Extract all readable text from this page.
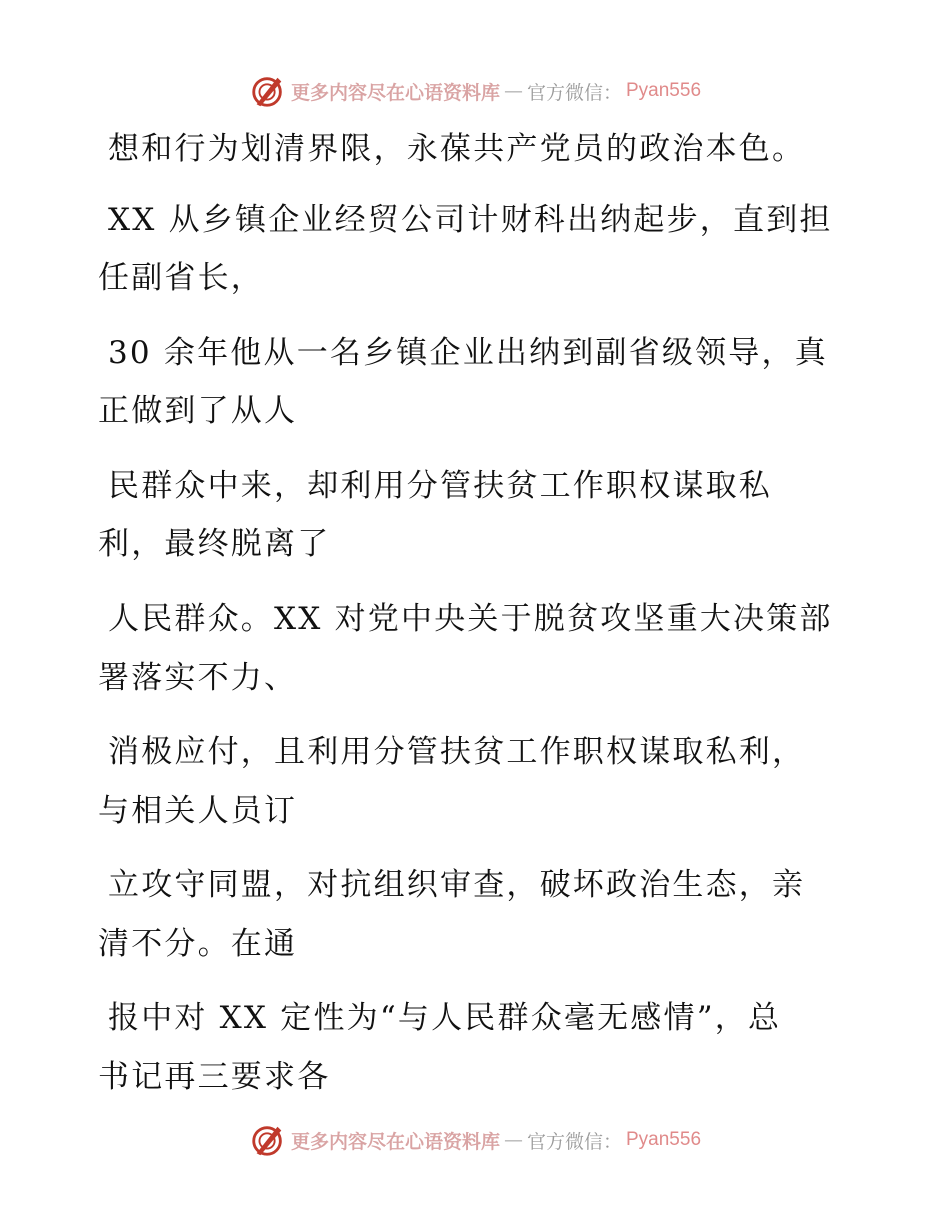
更多内容尽在心语资料库 — 官方微信： Pyan556
想和行为划清界限，永葆共产党员的政治本色。
XX 从乡镇企业经贸公司计财科出纳起步，直到担
任副省长，
30 余年他从一名乡镇企业出纳到副省级领导，真
正做到了从人
民群众中来，却利用分管扶贫工作职权谋取私
利，最终脱离了
人民群众。XX 对党中央关于脱贫攻坚重大决策部
署落实不力、
消极应付，且利用分管扶贫工作职权谋取私利，
与相关人员订
立攻守同盟，对抗组织审查，破坏政治生态，亲
清不分。在通
报中对 XX 定性为“与人民群众毫无感情”，总
书记再三要求各
更多内容尽在心语资料库 — 官方微信： Pyan556
